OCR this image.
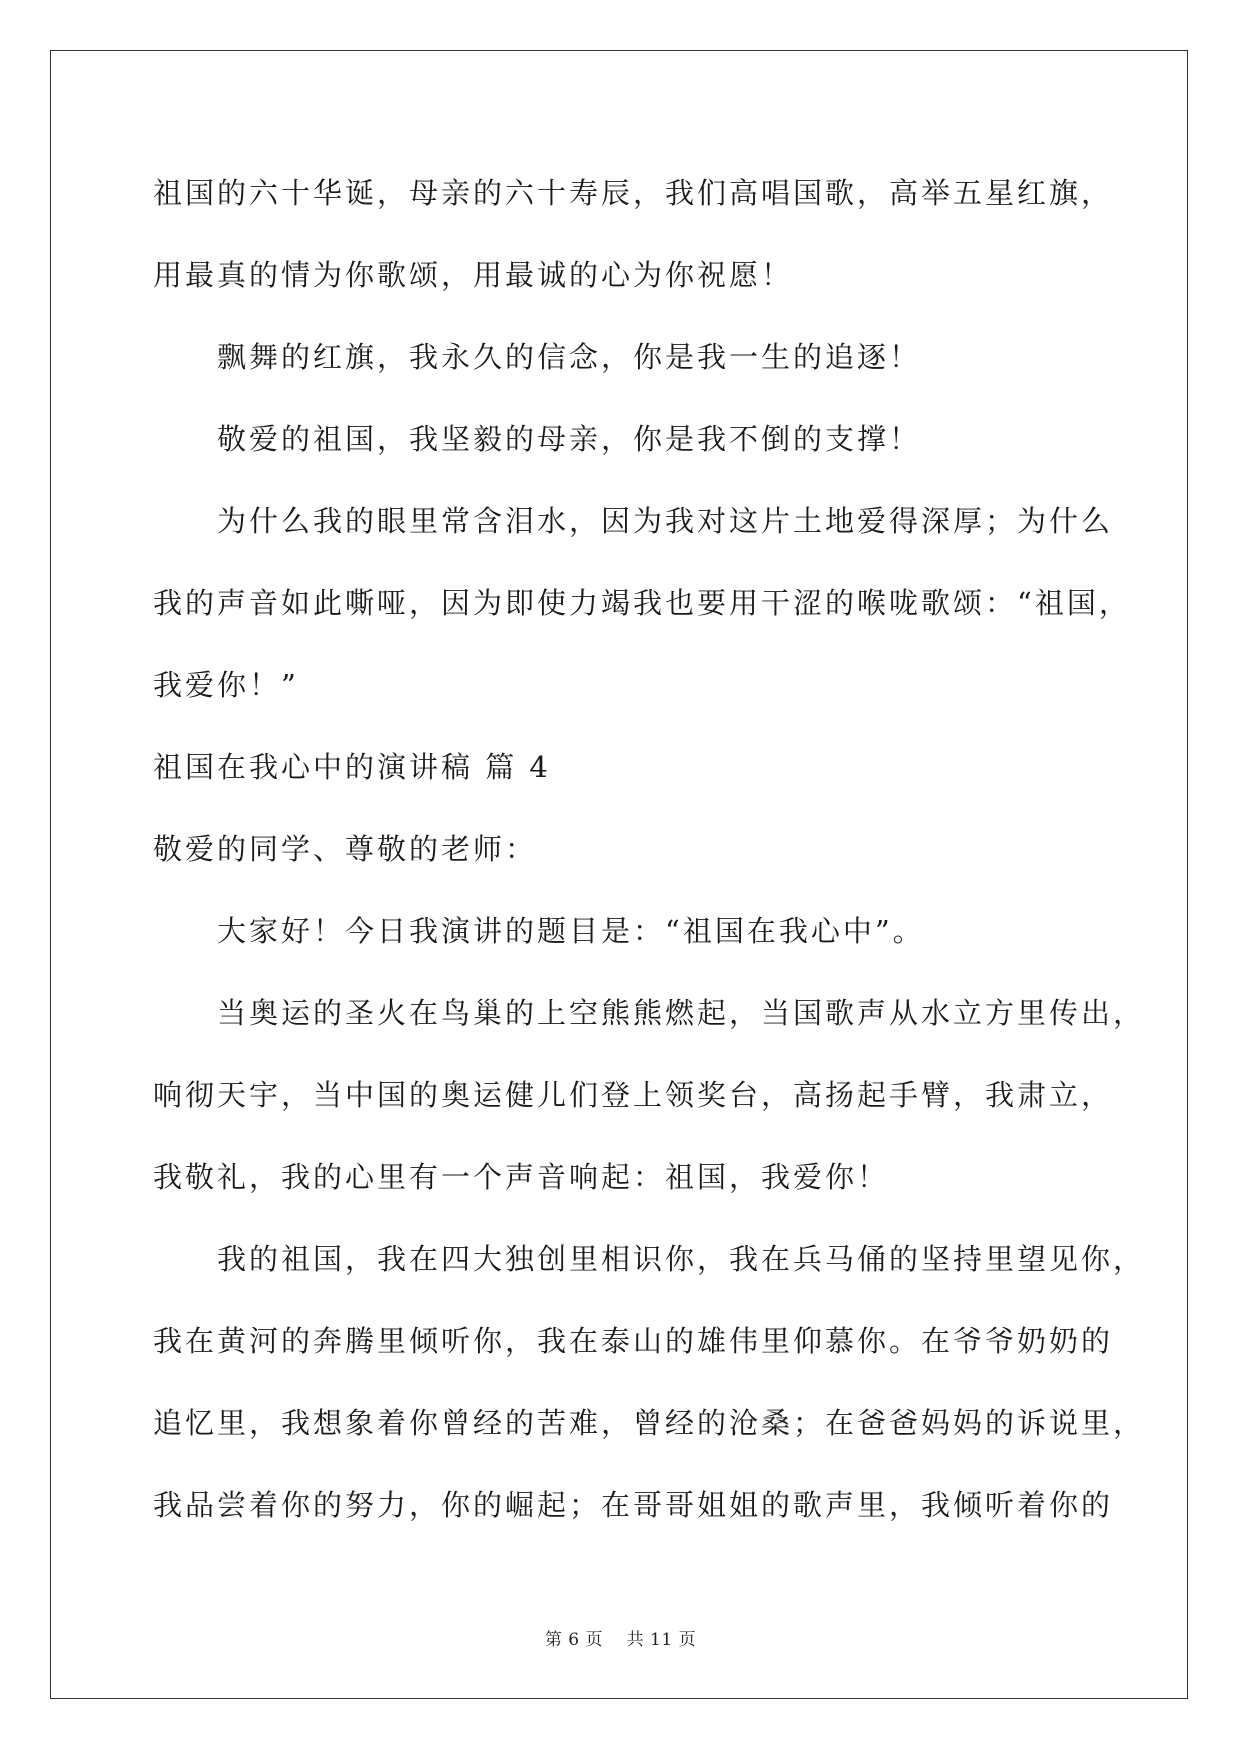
祖国的六十华诞，母亲的六十寿辰，我们高唱国歌，高举五星红旗，
用最真的情为你歌颂，用最诚的心为你祝愿！
飘舞的红旗，我永久的信念，你是我一生的追逐！
敬爱的祖国，我坚毅的母亲，你是我不倒的支撑！
为什么我的眼里常含泪水，因为我对这片土地爱得深厚；为什么
我的声音如此嘶哑，因为即使力竭我也要用干涩的喉咙歌颂：“祖国，
我爱你！”
祖国在我心中的演讲稿 篇 4
敬爱的同学、尊敬的老师：
大家好！今日我演讲的题目是：“祖国在我心中”。
当奥运的圣火在鸟巢的上空熊熊燃起，当国歌声从水立方里传出，
响彻天宇，当中国的奥运健儿们登上领奖台，高扬起手臂，我肃立，
我敬礼，我的心里有一个声音响起：祖国，我爱你！
我的祖国，我在四大独创里相识你，我在兵马俑的坚持里望见你，
我在黄河的奔腾里倾听你，我在泰山的雄伟里仰慕你。在爷爷奶奶的
追忆里，我想象着你曾经的苦难，曾经的沧桑；在爸爸妈妈的诉说里，
我品尝着你的努力，你的崛起；在哥哥姐姐的歌声里，我倾听着你的
第 6 页    共 11 页
